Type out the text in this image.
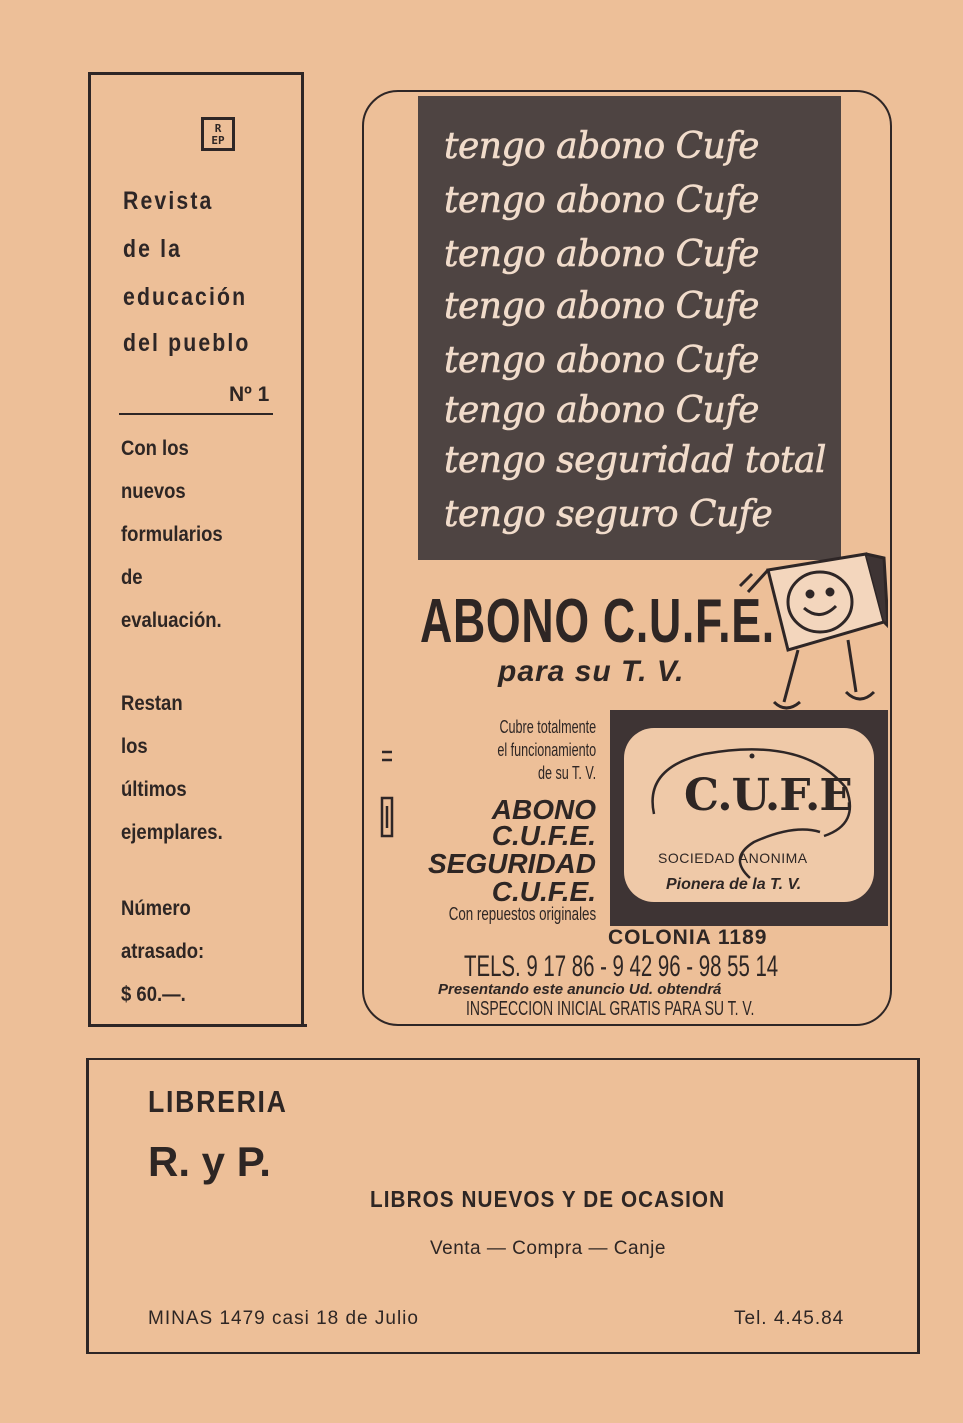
R
EP
Revista
de la
educación
del pueblo
Nº 1
Con los
nuevos
formularios
de
evaluación.
Restan
los
últimos
ejemplares.
Número
atrasado:
$ 60.—.
tengo abono Cufe
tengo abono Cufe
tengo abono Cufe
tengo abono Cufe
tengo abono Cufe
tengo abono Cufe
tengo seguridad total
tengo seguro Cufe
ABONO C.U.F.E.
para su T. V.
Cubre totalmente
el funcionamiento
de su T. V.
ABONO
C.U.F.E.
SEGURIDAD
C.U.F.E.
Con repuestos originales
C.U.F.E
SOCIEDAD ANONIMA
Pionera de la T. V.
COLONIA 1189
TELS. 9 17 86 - 9 42 96 - 98 55 14
Presentando este anuncio Ud. obtendrá
INSPECCION INICIAL GRATIS PARA SU T. V.
LIBRERIA
R. y P.
LIBROS NUEVOS Y DE OCASION
Venta — Compra — Canje
MINAS 1479 casi 18 de Julio	Tel. 4.45.84
